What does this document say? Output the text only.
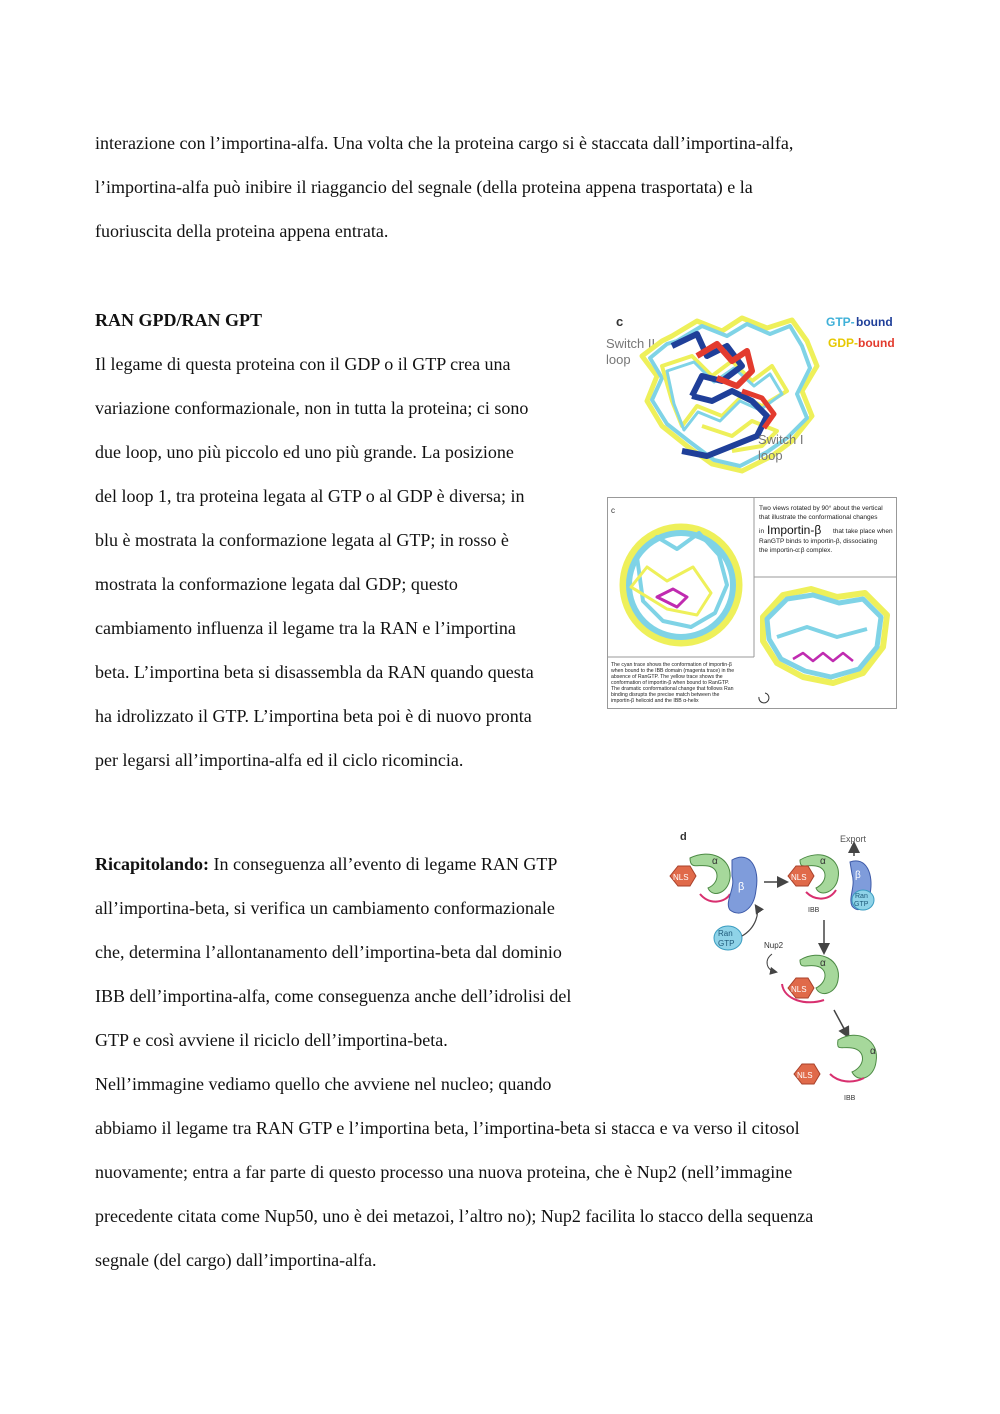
interazione con l’importina-alfa. Una volta che la proteina cargo si è staccata dall’importina-alfa,
l’importina-alfa può inibire il riaggancio del segnale (della proteina appena trasportata) e la
fuoriuscita della proteina appena entrata.
RAN GPD/RAN GPT
Il legame di questa proteina con il GDP o il GTP crea una
variazione conformazionale, non in tutta la proteina; ci sono
due loop, uno più piccolo ed uno più grande. La posizione
del loop 1, tra proteina legata al GTP o al GDP è diversa; in
blu è mostrata la conformazione legata al GTP; in rosso è
mostrata la conformazione legata dal GDP; questo
cambiamento influenza il legame tra la RAN e l’importina
beta. L’importina beta si disassembla da RAN quando questa
ha idrolizzato il GTP. L’importina beta poi è di nuovo pronta
per legarsi all’importina-alfa ed il ciclo ricomincia.
c
Switch II
loop
Switch I
loop
GTP- bound
GDP- bound
c	Two views rotated by 90° about the vertical
that illustrate the conformational changes
in Importin-β that take place when
RanGTP binds to importin-β, dissociating
the importin-α:β complex.
The cyan trace shows the conformation of importin-β
when bound to the IBB domain (magenta trace) in the
absence of RanGTP. The yellow trace shows the
conformation of importin-β when bound to RanGTP.
The dramatic conformational change that follows Ran
binding disrupts the precise match between the
importin-β helicoid and the IBB α-helix
Ricapitolando: In conseguenza all’evento di legame RAN GTP
all’importina-beta, si verifica un cambiamento conformazionale
che, determina l’allontanamento dell’importina-beta dal dominio
IBB dell’importina-alfa, come conseguenza anche dell’idrolisi del
GTP e così avviene il riciclo dell’importina-beta.
Nell’immagine vediamo quello che avviene nel nucleo; quando
abbiamo il legame tra RAN GTP e l’importina beta, l’importina-beta si stacca e va verso il citosol
nuovamente; entra a far parte di questo processo una nuova proteina, che è Nup2 (nell’immagine
precedente citata come Nup50, uno è dei metazoi, l’altro no); Nup2 facilita lo stacco della sequenza
segnale (del cargo) dall’importina-alfa.
d
α
NLS
β
Ran
GTP
α
NLS
IBB
β
Ran
GTP
Export
Nup2
α
NLS
α
IBB
NLS
